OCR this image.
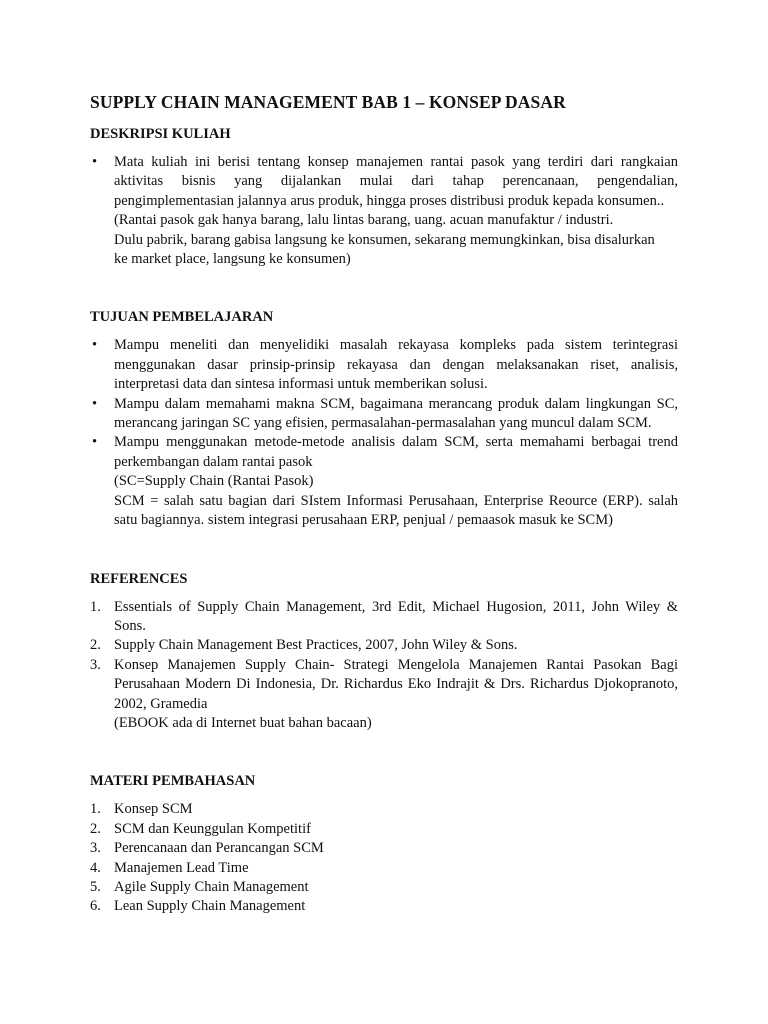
SUPPLY CHAIN MANAGEMENT BAB 1 – KONSEP DASAR
DESKRIPSI KULIAH
• Mata kuliah ini berisi tentang konsep manajemen rantai pasok yang terdiri dari rangkaian
aktivitas bisnis yang dijalankan mulai dari tahap perencanaan, pengendalian,
pengimplementasian jalannya arus produk, hingga proses distribusi produk kepada konsumen..
(Rantai pasok gak hanya barang, lalu lintas barang, uang. acuan manufaktur / industri.
Dulu pabrik, barang gabisa langsung ke konsumen, sekarang memungkinkan, bisa disalurkan
ke market place, langsung ke konsumen)
TUJUAN PEMBELAJARAN
• Mampu meneliti dan menyelidiki masalah rekayasa kompleks pada sistem terintegrasi
menggunakan dasar prinsip-prinsip rekayasa dan dengan melaksanakan riset, analisis,
interpretasi data dan sintesa informasi untuk memberikan solusi.
• Mampu dalam memahami makna SCM, bagaimana merancang produk dalam lingkungan SC,
merancang jaringan SC yang efisien, permasalahan-permasalahan yang muncul dalam SCM.
• Mampu menggunakan metode-metode analisis dalam SCM, serta memahami berbagai trend
perkembangan dalam rantai pasok
(SC=Supply Chain (Rantai Pasok)
SCM = salah satu bagian dari SIstem Informasi Perusahaan, Enterprise Reource (ERP). salah
satu bagiannya. sistem integrasi perusahaan ERP, penjual / pemaasok masuk ke SCM)
REFERENCES
1. Essentials of Supply Chain Management, 3rd Edit, Michael Hugosion, 2011, John Wiley &
Sons.
2. Supply Chain Management Best Practices, 2007, John Wiley & Sons.
3. Konsep Manajemen Supply Chain- Strategi Mengelola Manajemen Rantai Pasokan Bagi
Perusahaan Modern Di Indonesia, Dr. Richardus Eko Indrajit & Drs. Richardus Djokopranoto,
2002, Gramedia
(EBOOK ada di Internet buat bahan bacaan)
MATERI PEMBAHASAN
1. Konsep SCM
2. SCM dan Keunggulan Kompetitif
3. Perencanaan dan Perancangan SCM
4. Manajemen Lead Time
5. Agile Supply Chain Management
6. Lean Supply Chain Management
